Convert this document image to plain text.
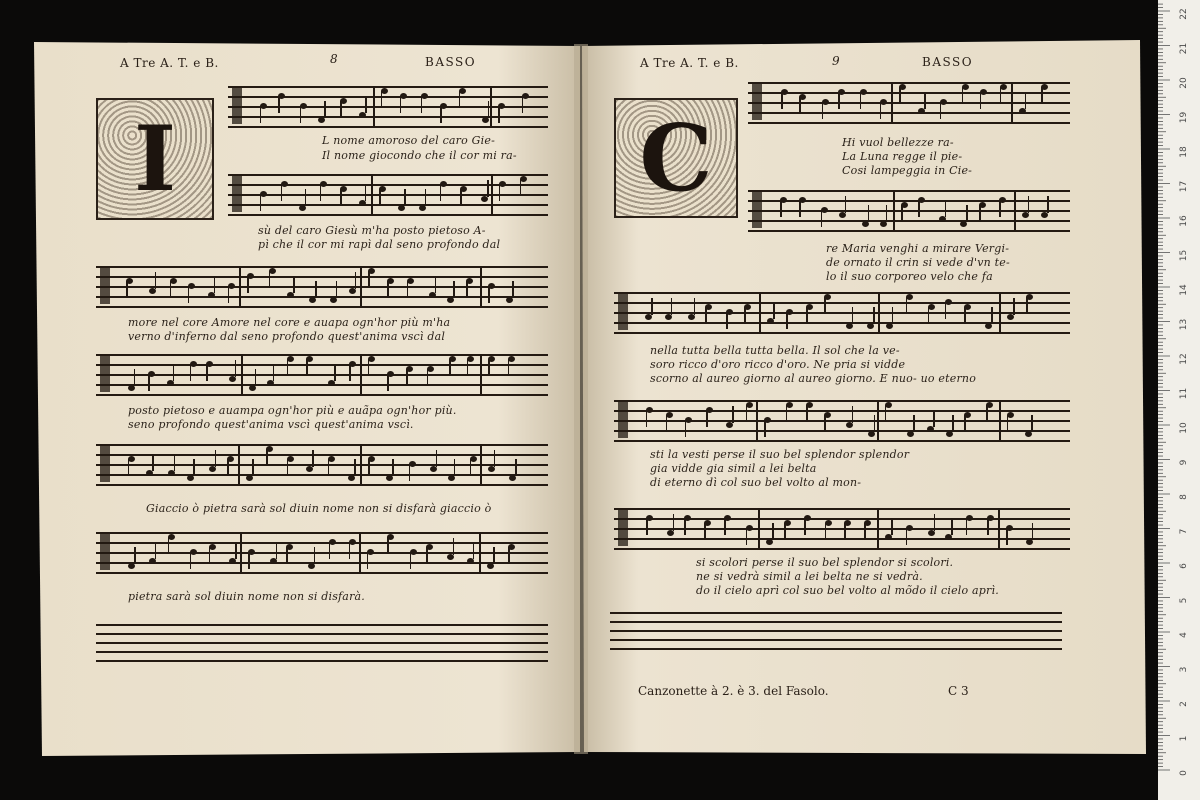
0
1
2
3
4
5
6
7
8
9
10
11
12
13
14
15
16
17
18
19
20
21
22
A Tre A. T. e B.	8	BASSO
I	L nome amoroso del caro Gie-
Il nome giocondo che il cor mi ra-
sù del caro Giesù m'ha posto pietoso A-
pì che il cor mi rapì dal seno profondo dal
more nel core Amore nel core e auapa ogn'hor più m'ha
verno d'inferno dal seno profondo quest'anima vscì dal
posto pietoso e auampa ogn'hor più e auãpa ogn'hor più.
seno profondo quest'anima vscì quest'anima vscì.
Giaccio ò pietra sarà sol diuin nome non si disfarà giaccio ò
pietra sarà sol diuin nome non si disfarà.
A Tre A. T. e B.	9	BASSO
C	Hi vuol bellezze ra-
La Luna regge il pie-
Cosi lampeggia in Cie-
re Maria venghi a mirare Vergi-
de ornato il crin si vede d'vn te-
lo il suo corporeo velo che fa
nella tutta bella tutta bella. Il sol che la ve-
soro ricco d'oro ricco d'oro. Ne pria si vidde
scorno al aureo giorno al aureo giorno. E nuo- uo eterno
sti la vesti perse il suo bel splendor splendor
gia vidde gia simil a lei belta
di eterno dì col suo bel volto al mon-
si scolori perse il suo bel splendor si scolori.
ne si vedrà simil a lei belta ne si vedrà.
do il cielo aprì col suo bel volto al mõdo il cielo aprì.
Canzonette à 2. è 3. del Fasolo.	C 3
